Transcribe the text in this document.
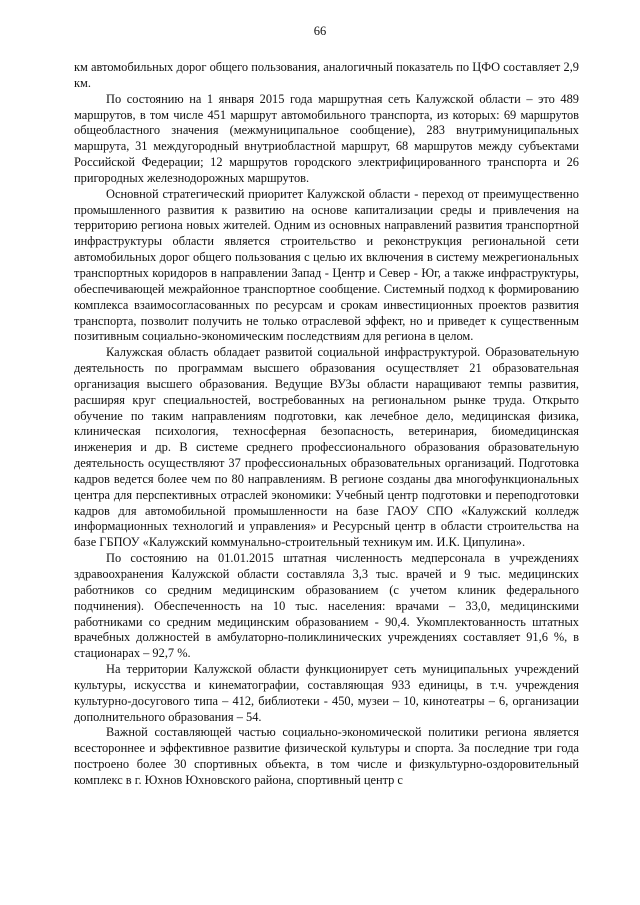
66

км автомобильных дорог общего пользования, аналогичный показатель по ЦФО составляет 2,9 км.

По состоянию на 1 января 2015 года маршрутная сеть Калужской области – это 489 маршрутов, в том числе 451 маршрут автомобильного транспорта, из которых: 69 маршрутов общеобластного значения (межмуниципальное сообщение), 283 внутримуниципальных маршрута, 31 междугородный внутриобластной маршрут, 68 маршрутов между субъектами Российской Федерации; 12 маршрутов городского электрифицированного транспорта и 26 пригородных железнодорожных маршрутов.

Основной стратегический приоритет Калужской области - переход от преимущественно промышленного развития к развитию на основе капитализации среды и привлечения на территорию региона новых жителей. Одним из основных направлений развития транспортной инфраструктуры области является строительство и реконструкция региональной сети автомобильных дорог общего пользования с целью их включения в систему межрегиональных транспортных коридоров в направлении Запад - Центр и Север - Юг, а также инфраструктуры, обеспечивающей межрайонное транспортное сообщение. Системный подход к формированию комплекса взаимосогласованных по ресурсам и срокам инвестиционных проектов развития транспорта, позволит получить не только отраслевой эффект, но и приведет к существенным позитивным социально-экономическим последствиям для региона в целом.

Калужская область обладает развитой социальной инфраструктурой. Образовательную деятельность по программам высшего образования осуществляет 21 образовательная организация высшего образования. Ведущие ВУЗы области наращивают темпы развития, расширяя круг специальностей, востребованных на региональном рынке труда. Открыто обучение по таким направлениям подготовки, как лечебное дело, медицинская физика, клиническая психология, техносферная безопасность, ветеринария, биомедицинская инженерия и др. В системе среднего профессионального образования образовательную деятельность осуществляют 37 профессиональных образовательных организаций. Подготовка кадров ведется более чем по 80 направлениям. В регионе созданы два многофункциональных центра для перспективных отраслей экономики: Учебный центр подготовки и переподготовки кадров для автомобильной промышленности на базе ГАОУ СПО «Калужский колледж информационных технологий и управления» и Ресурсный центр в области строительства на базе ГБПОУ «Калужский коммунально-строительный техникум им. И.К. Ципулина».

По состоянию на 01.01.2015 штатная численность медперсонала в учреждениях здравоохранения Калужской области составляла 3,3 тыс. врачей и 9 тыс. медицинских работников со средним медицинским образованием (с учетом клиник федерального подчинения). Обеспеченность на 10 тыс. населения: врачами – 33,0, медицинскими работниками со средним медицинским образованием - 90,4. Укомплектованность штатных врачебных должностей в амбулаторно-поликлинических учреждениях составляет 91,6 %, в стационарах – 92,7 %.

На территории Калужской области функционирует сеть муниципальных учреждений культуры, искусства и кинематографии, составляющая 933 единицы, в т.ч. учреждения культурно-досугового типа – 412, библиотеки - 450, музеи – 10, кинотеатры – 6, организации дополнительного образования – 54.

Важной составляющей частью социально-экономической политики региона является всестороннее и эффективное развитие физической культуры и спорта. За последние три года построено более 30 спортивных объекта, в том числе и физкультурно-оздоровительный комплекс в г. Юхнов Юхновского района, спортивный центр с
